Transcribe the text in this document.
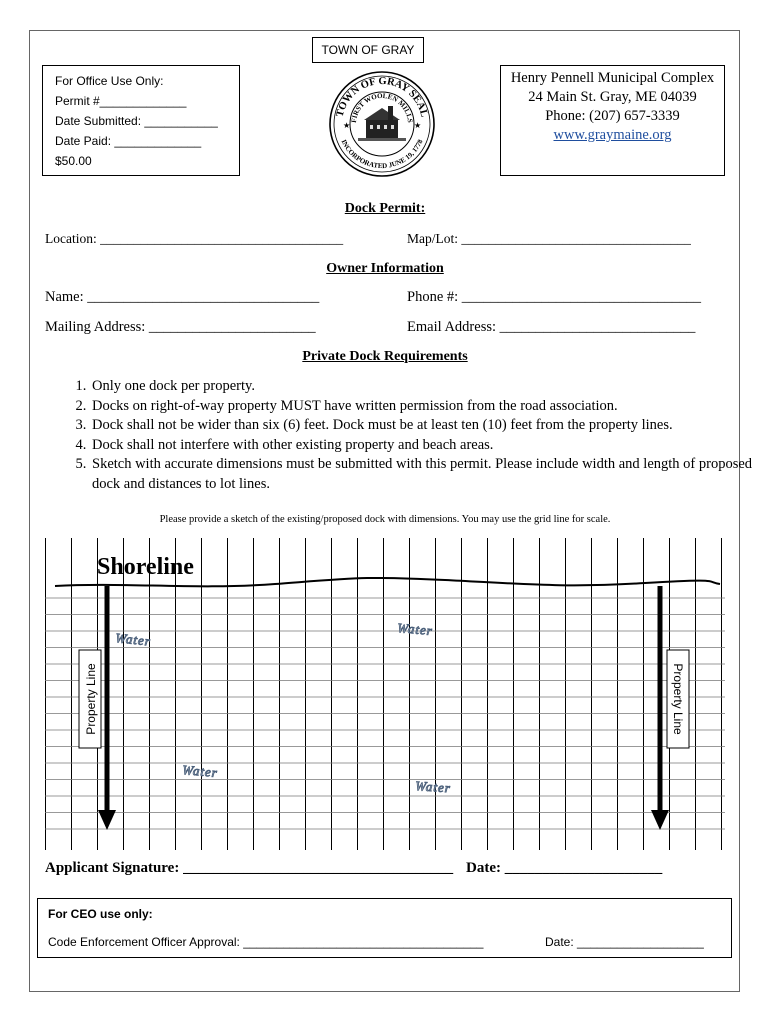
TOWN OF GRAY
For Office Use Only:
Permit #_____________
Date Submitted: ___________
Date Paid: _____________
$50.00
TOWN OF GRAY SEAL
FIRST WOOLEN MILLS
INCORPORATED JUNE 19, 1778
★	★
Henry Pennell Municipal Complex
24 Main St. Gray, ME 04039
Phone: (207) 657-3339
www.graymaine.org
Dock Permit:
Location: ____________________________________	Map/Lot: __________________________________
Owner Information
Name: ________________________________	Phone #: _________________________________
Mailing Address: _______________________	Email Address: ___________________________
Private Dock Requirements
1. Only one dock per property.
2. Docks on right-of-way property MUST have written permission from the road association.
3. Dock shall not be wider than six (6) feet. Dock must be at least ten (10) feet from the property lines.
4. Dock shall not interfere with other existing property and beach areas.
5. Sketch with accurate dimensions must be submitted with this permit. Please include width and length of proposed dock and distances to lot lines.
Please provide a sketch of the existing/proposed dock with dimensions. You may use the grid line for scale.
Shoreline
Property Line	Property Line
Water
Water
Water
Water
Applicant Signature: ____________________________________ Date: _____________________
For CEO use only:
Code Enforcement Officer Approval: ____________________________________	Date: ___________________
